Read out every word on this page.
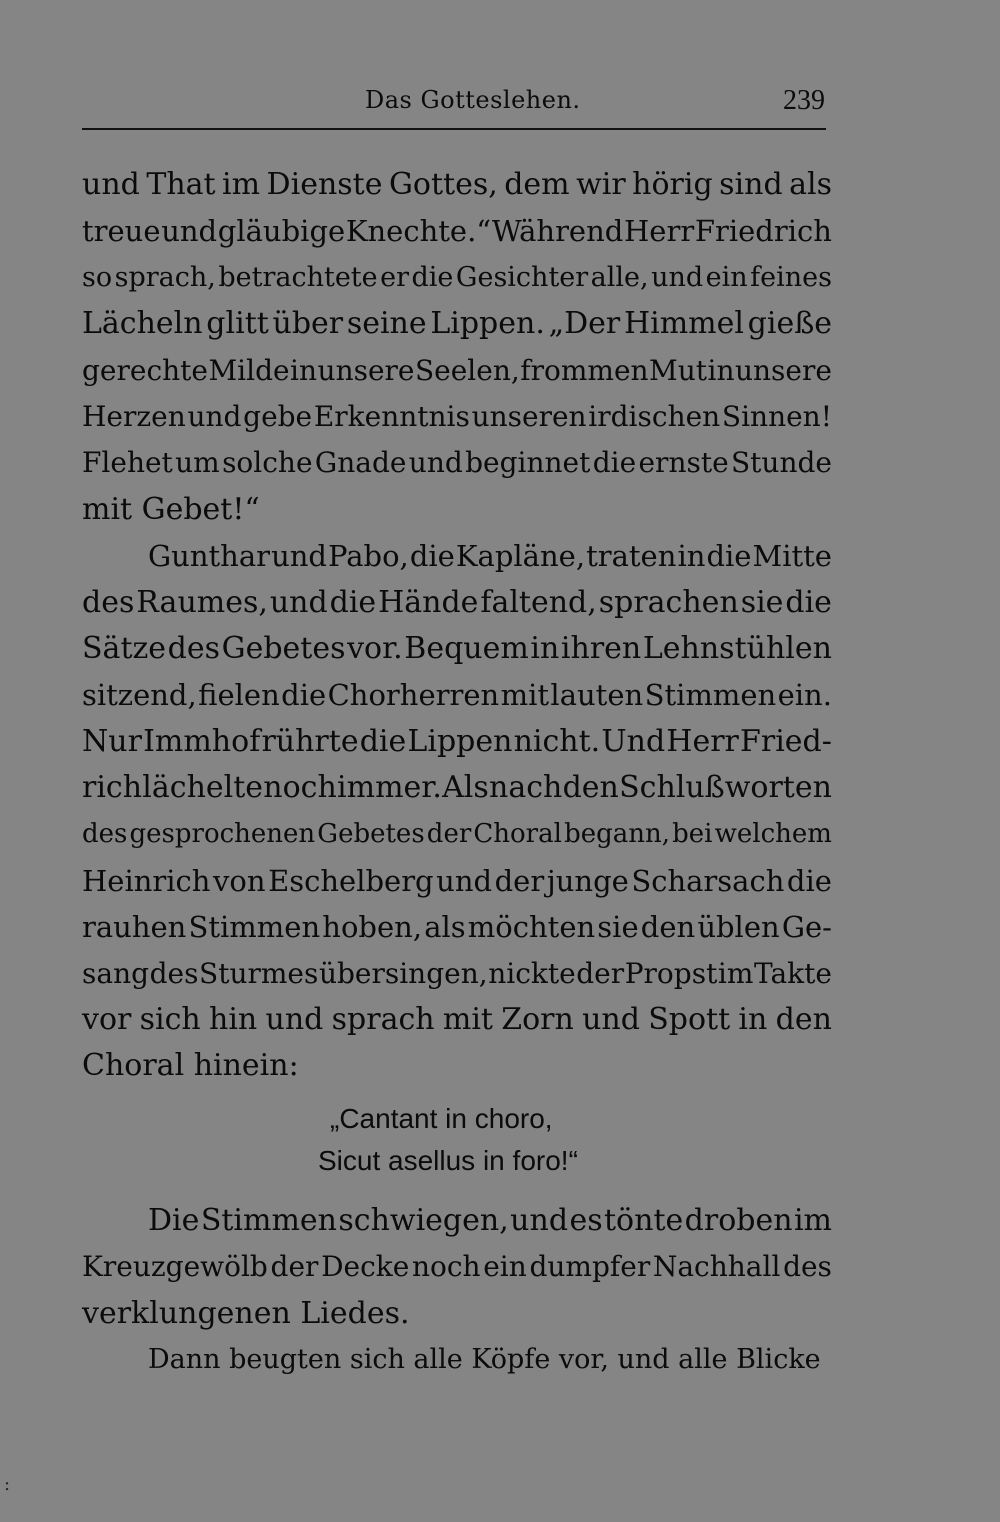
Das Gotteslehen.	239
und That im Dienste Gottes, dem wir hörig sind als
treue und gläubige Knechte.“ Während Herr Friedrich
so sprach, betrachtete er die Gesichter alle, und ein feines
Lächeln glitt über seine Lippen. „Der Himmel gieße
gerechte Milde in unsere Seelen, frommen Mut in unsere
Herzen und gebe Erkenntnis unseren irdischen Sinnen!
Flehet um solche Gnade und beginnet die ernste Stunde
mit Gebet!“
Gunthar und Pabo, die Kapläne, traten in die Mitte
des Raumes, und die Hände faltend, sprachen sie die
Sätze des Gebetes vor. Bequem in ihren Lehnstühlen
sitzend, fielen die Chorherren mit lauten Stimmen ein.
Nur Immhof rührte die Lippen nicht. Und Herr Fried-
rich lächelte noch immer. Als nach den Schlußworten
des gesprochenen Gebetes der Choral begann, bei welchem
Heinrich von Eschelberg und der junge Scharsach die
rauhen Stimmen hoben, als möchten sie den üblen Ge-
sang des Sturmes übersingen, nickte der Propst im Takte
vor sich hin und sprach mit Zorn und Spott in den
Choral hinein:
„Cantant in choro,
Sicut asellus in foro!“
Die Stimmen schwiegen, und es tönte droben im
Kreuzgewölb der Decke noch ein dumpfer Nachhall des
verklungenen Liedes.
Dann beugten sich alle Köpfe vor, und alle Blicke
:
